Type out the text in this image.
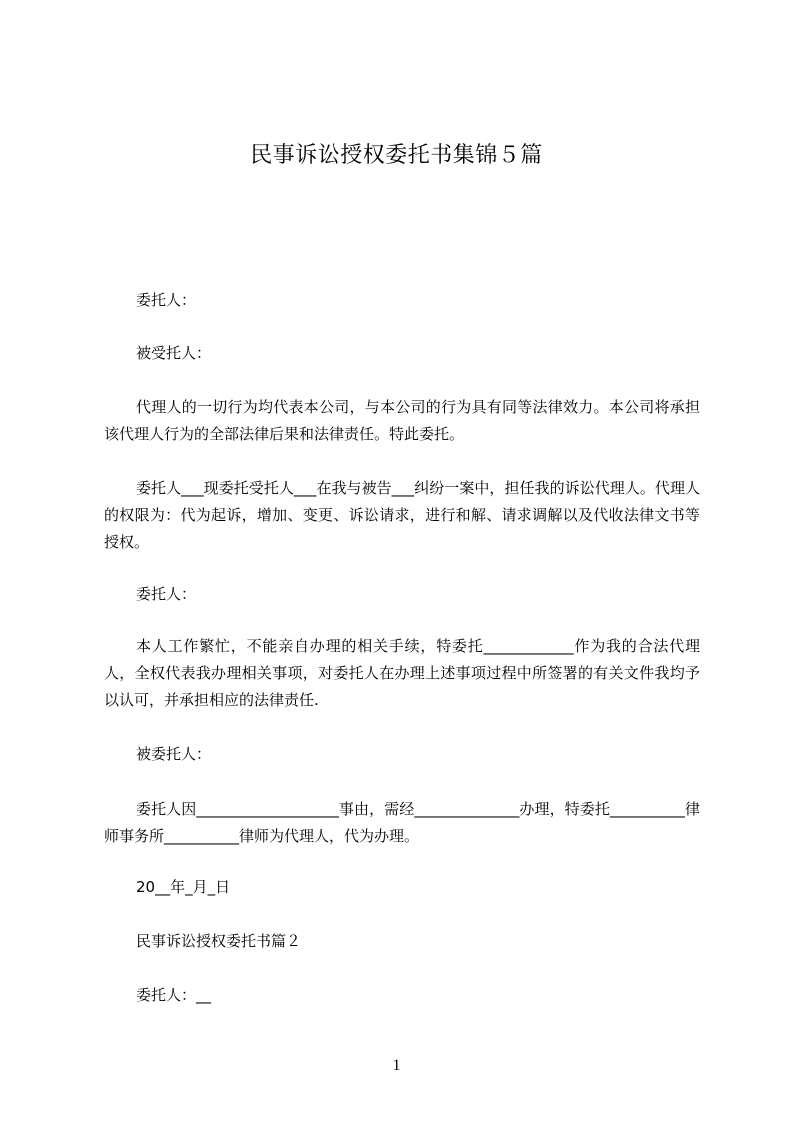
民事诉讼授权委托书集锦５篇

委托人：

被受托人：

代理人的一切行为均代表本公司，与本公司的行为具有同等法律效力。本公司将承担该代理人行为的全部法律后果和法律责任。特此委托。

委托人___现委托受托人___在我与被告___纠纷一案中，担任我的诉讼代理人。代理人的权限为：代为起诉，增加、变更、诉讼请求，进行和解、请求调解以及代收法律文书等授权。

委托人：

本人工作繁忙，不能亲自办理的相关手续，特委托____________作为我的合法代理人，全权代表我办理相关事项，对委托人在办理上述事项过程中所签署的有关文件我均予以认可，并承担相应的法律责任.

被委托人：

委托人因___________________事由，需经______________办理，特委托__________律师事务所__________律师为代理人，代为办理。

20__年_月_日

民事诉讼授权委托书篇２

委托人：__

1
